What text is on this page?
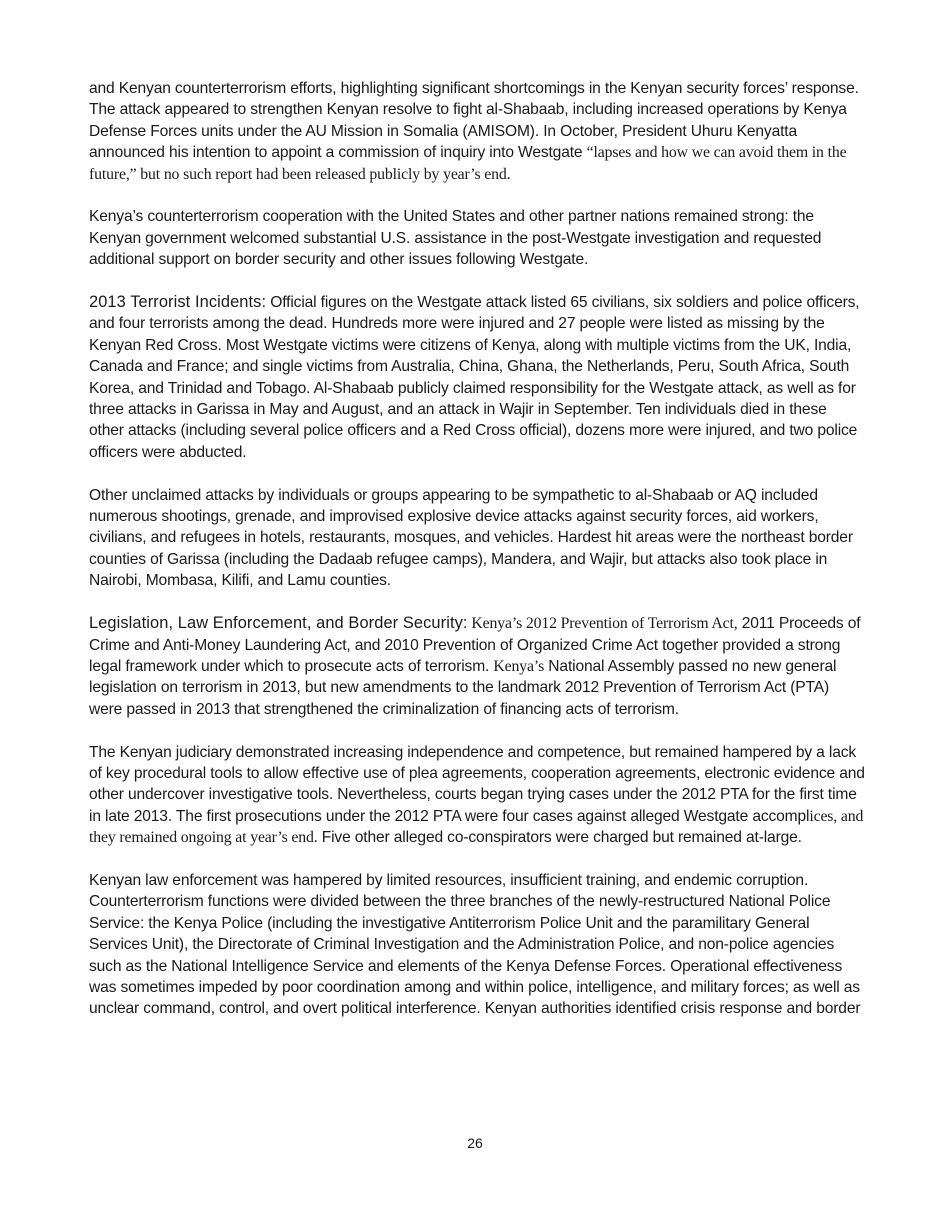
and Kenyan counterterrorism efforts, highlighting significant shortcomings in the Kenyan security forces’ response. The attack appeared to strengthen Kenyan resolve to fight al-Shabaab, including increased operations by Kenya Defense Forces units under the AU Mission in Somalia (AMISOM). In October, President Uhuru Kenyatta announced his intention to appoint a commission of inquiry into Westgate “lapses and how we can avoid them in the future,” but no such report had been released publicly by year’s end.

Kenya’s counterterrorism cooperation with the United States and other partner nations remained strong: the Kenyan government welcomed substantial U.S. assistance in the post-Westgate investigation and requested additional support on border security and other issues following Westgate.

2013 Terrorist Incidents: Official figures on the Westgate attack listed 65 civilians, six soldiers and police officers, and four terrorists among the dead. Hundreds more were injured and 27 people were listed as missing by the Kenyan Red Cross. Most Westgate victims were citizens of Kenya, along with multiple victims from the UK, India, Canada and France; and single victims from Australia, China, Ghana, the Netherlands, Peru, South Africa, South Korea, and Trinidad and Tobago. Al-Shabaab publicly claimed responsibility for the Westgate attack, as well as for three attacks in Garissa in May and August, and an attack in Wajir in September. Ten individuals died in these other attacks (including several police officers and a Red Cross official), dozens more were injured, and two police officers were abducted.

Other unclaimed attacks by individuals or groups appearing to be sympathetic to al-Shabaab or AQ included numerous shootings, grenade, and improvised explosive device attacks against security forces, aid workers, civilians, and refugees in hotels, restaurants, mosques, and vehicles. Hardest hit areas were the northeast border counties of Garissa (including the Dadaab refugee camps), Mandera, and Wajir, but attacks also took place in Nairobi, Mombasa, Kilifi, and Lamu counties.

Legislation, Law Enforcement, and Border Security: Kenya’s 2012 Prevention of Terrorism Act, 2011 Proceeds of Crime and Anti-Money Laundering Act, and 2010 Prevention of Organized Crime Act together provided a strong legal framework under which to prosecute acts of terrorism. Kenya’s National Assembly passed no new general legislation on terrorism in 2013, but new amendments to the landmark 2012 Prevention of Terrorism Act (PTA) were passed in 2013 that strengthened the criminalization of financing acts of terrorism.

The Kenyan judiciary demonstrated increasing independence and competence, but remained hampered by a lack of key procedural tools to allow effective use of plea agreements, cooperation agreements, electronic evidence and other undercover investigative tools. Nevertheless, courts began trying cases under the 2012 PTA for the first time in late 2013. The first prosecutions under the 2012 PTA were four cases against alleged Westgate accomplices, and they remained ongoing at year’s end. Five other alleged co-conspirators were charged but remained at-large.

Kenyan law enforcement was hampered by limited resources, insufficient training, and endemic corruption. Counterterrorism functions were divided between the three branches of the newly-restructured National Police Service: the Kenya Police (including the investigative Antiterrorism Police Unit and the paramilitary General Services Unit), the Directorate of Criminal Investigation and the Administration Police, and non-police agencies such as the National Intelligence Service and elements of the Kenya Defense Forces. Operational effectiveness was sometimes impeded by poor coordination among and within police, intelligence, and military forces; as well as unclear command, control, and overt political interference. Kenyan authorities identified crisis response and border

26
